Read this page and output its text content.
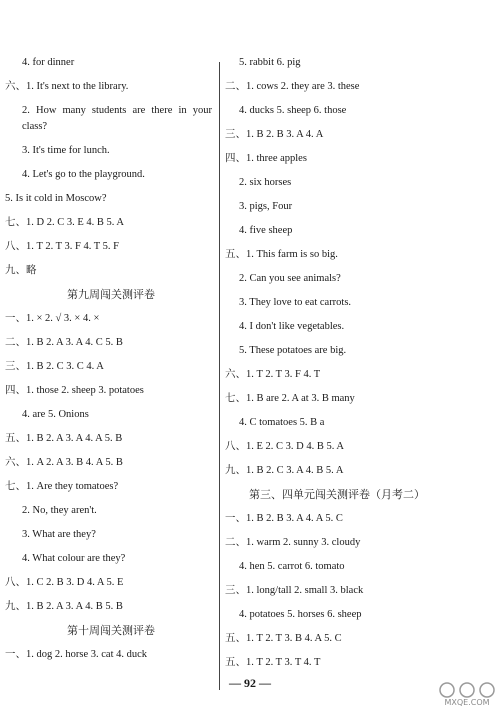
4. for dinner
六、1. It's next to the library.
2. How many students are there in your
class?
3. It's time for lunch.
4. Let's go to the playground.
5. Is it cold in Moscow?
七、1. D 2. C 3. E 4. B 5. A
八、1. T 2. T 3. F 4. T 5. F
九、略
第九周闯关测评卷
一、1. × 2. √ 3. × 4. ×
二、1. B 2. A 3. A 4. C 5. B
三、1. B 2. C 3. C 4. A
四、1. those 2. sheep 3. potatoes
4. are 5. Onions
五、1. B 2. A 3. A 4. A 5. B
六、1. A 2. A 3. B 4. A 5. B
七、1. Are they tomatoes?
2. No, they aren't.
3. What are they?
4. What colour are they?
八、1. C 2. B 3. D 4. A 5. E
九、1. B 2. A 3. A 4. B 5. B
第十周闯关测评卷
一、1. dog 2. horse 3. cat 4. duck
5. rabbit 6. pig
二、1. cows 2. they are 3. these
4. ducks 5. sheep 6. those
三、1. B 2. B 3. A 4. A
四、1. three apples
2. six horses
3. pigs, Four
4. five sheep
五、1. This farm is so big.
2. Can you see animals?
3. They love to eat carrots.
4. I don't like vegetables.
5. These potatoes are big.
六、1. T 2. T 3. F 4. T
七、1. B are 2. A at 3. B many
4. C tomatoes 5. B a
八、1. E 2. C 3. D 4. B 5. A
九、1. B 2. C 3. A 4. B 5. A
第三、四单元闯关测评卷（月考二）
一、1. B 2. B 3. A 4. A 5. C
二、1. warm 2. sunny 3. cloudy
4. hen 5. carrot 6. tomato
三、1. long/tall 2. small 3. black
4. potatoes 5. horses 6. sheep
五、1. T 2. T 3. B 4. A 5. C
五、1. T 2. T 3. T 4. T
— 92 —
MXQE.COM
